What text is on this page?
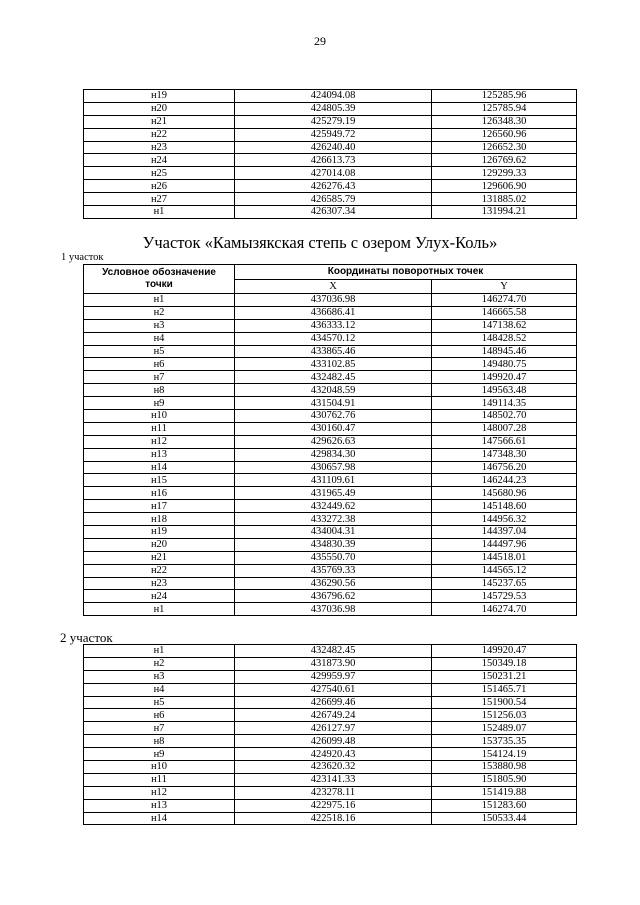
29
н19	424094.08	125285.96
н20	424805.39	125785.94
н21	425279.19	126348.30
н22	425949.72	126560.96
н23	426240.40	126652.30
н24	426613.73	126769.62
н25	427014.08	129299.33
н26	426276.43	129606.90
н27	426585.79	131885.02
н1	426307.34	131994.21
Участок «Камызякская степь с озером Улух-Коль»
1 участок
Условное обозначение точки	Координаты поворотных точек	
	X	Y
н1	437036.98	146274.70
н2	436686.41	146665.58
н3	436333.12	147138.62
н4	434570.12	148428.52
н5	433865.46	148945.46
н6	433102.85	149480.75
н7	432482.45	149920.47
н8	432048.59	149563.48
н9	431504.91	149114.35
н10	430762.76	148502.70
н11	430160.47	148007.28
н12	429626.63	147566.61
н13	429834.30	147348.30
н14	430657.98	146756.20
н15	431109.61	146244.23
н16	431965.49	145680.96
н17	432449.62	145148.60
н18	433272.38	144956.32
н19	434004.31	144397.04
н20	434830.39	144497.96
н21	435550.70	144518.01
н22	435769.33	144565.12
н23	436290.56	145237.65
н24	436796.62	145729.53
н1	437036.98	146274.70
2 участок
н1	432482.45	149920.47
н2	431873.90	150349.18
н3	429959.97	150231.21
н4	427540.61	151465.71
н5	426699.46	151900.54
н6	426749.24	151256.03
н7	426127.97	152489.07
н8	426099.48	153735.35
н9	424920.43	154124.19
н10	423620.32	153880.98
н11	423141.33	151805.90
н12	423278.11	151419.88
н13	422975.16	151283.60
н14	422518.16	150533.44
